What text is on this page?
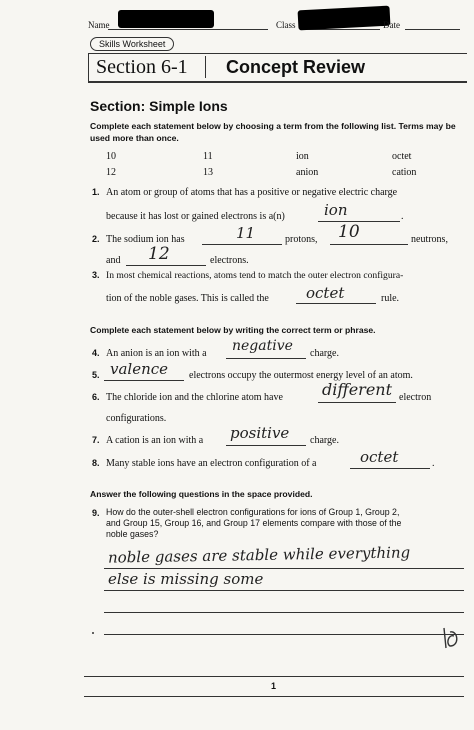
Name	Class	Date
Skills Worksheet
Section 6-1 Concept Review
Section: Simple Ions
Complete each statement below by choosing a term from the following list. Terms may be used more than once.
10	11	ion	octet
12	13	anion	cation
1. An atom or group of atoms that has a positive or negative electric charge
because it has lost or gained electrons is a(n)	ion	.
2. The sodium ion has	11	protons, 10	neutrons,
and 12	electrons.
3. In most chemical reactions, atoms tend to match the outer electron configura-
tion of the noble gases. This is called the octet	rule.
Complete each statement below by writing the correct term or phrase.
4. An anion is an ion with a negative charge.
5. valence electrons occupy the outermost energy level of an atom.
6. The chloride ion and the chlorine atom have different electron
configurations.
7. A cation is an ion with a positive charge.
8. Many stable ions have an electron configuration of a	octet	.
Answer the following questions in the space provided.
9. How do the outer-shell electron configurations for ions of Group 1, Group 2,
and Group 15, Group 16, and Group 17 elements compare with those of the
noble gases?
noble gases are stable while everything
else is missing some
1
